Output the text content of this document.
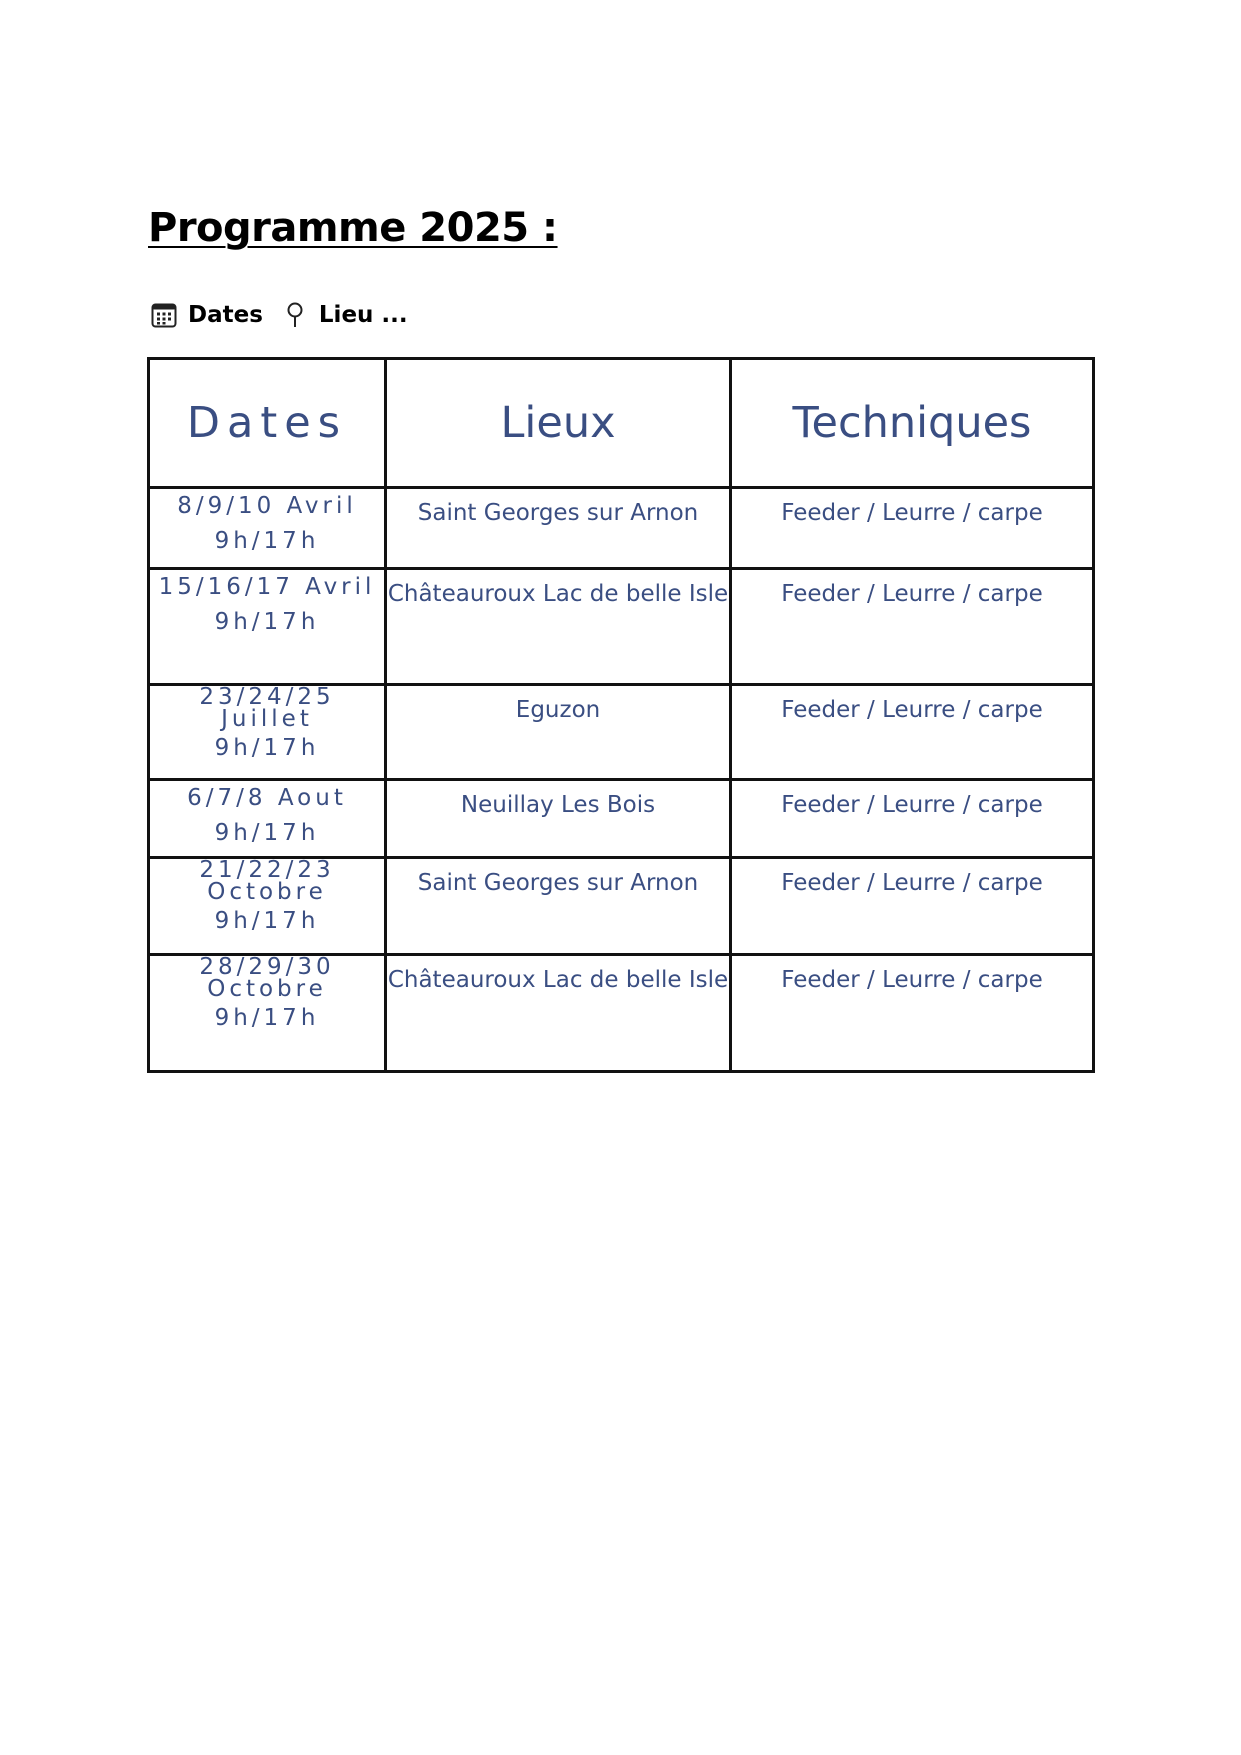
Programme 2025 :
Dates Lieu ...
Dates	Lieux	Techniques

8/9/10 Avril
9h/17h	Saint Georges sur Arnon	Feeder / Leurre / carpe

15/16/17 Avril
9h/17h	Châteauroux Lac de belle Isle	Feeder / Leurre / carpe

23/24/25
Juillet
9h/17h	Eguzon	Feeder / Leurre / carpe

6/7/8 Aout
9h/17h	Neuillay Les Bois	Feeder / Leurre / carpe

21/22/23
Octobre
9h/17h	Saint Georges sur Arnon	Feeder / Leurre / carpe

28/29/30
Octobre
9h/17h	Châteauroux Lac de belle Isle	Feeder / Leurre / carpe
